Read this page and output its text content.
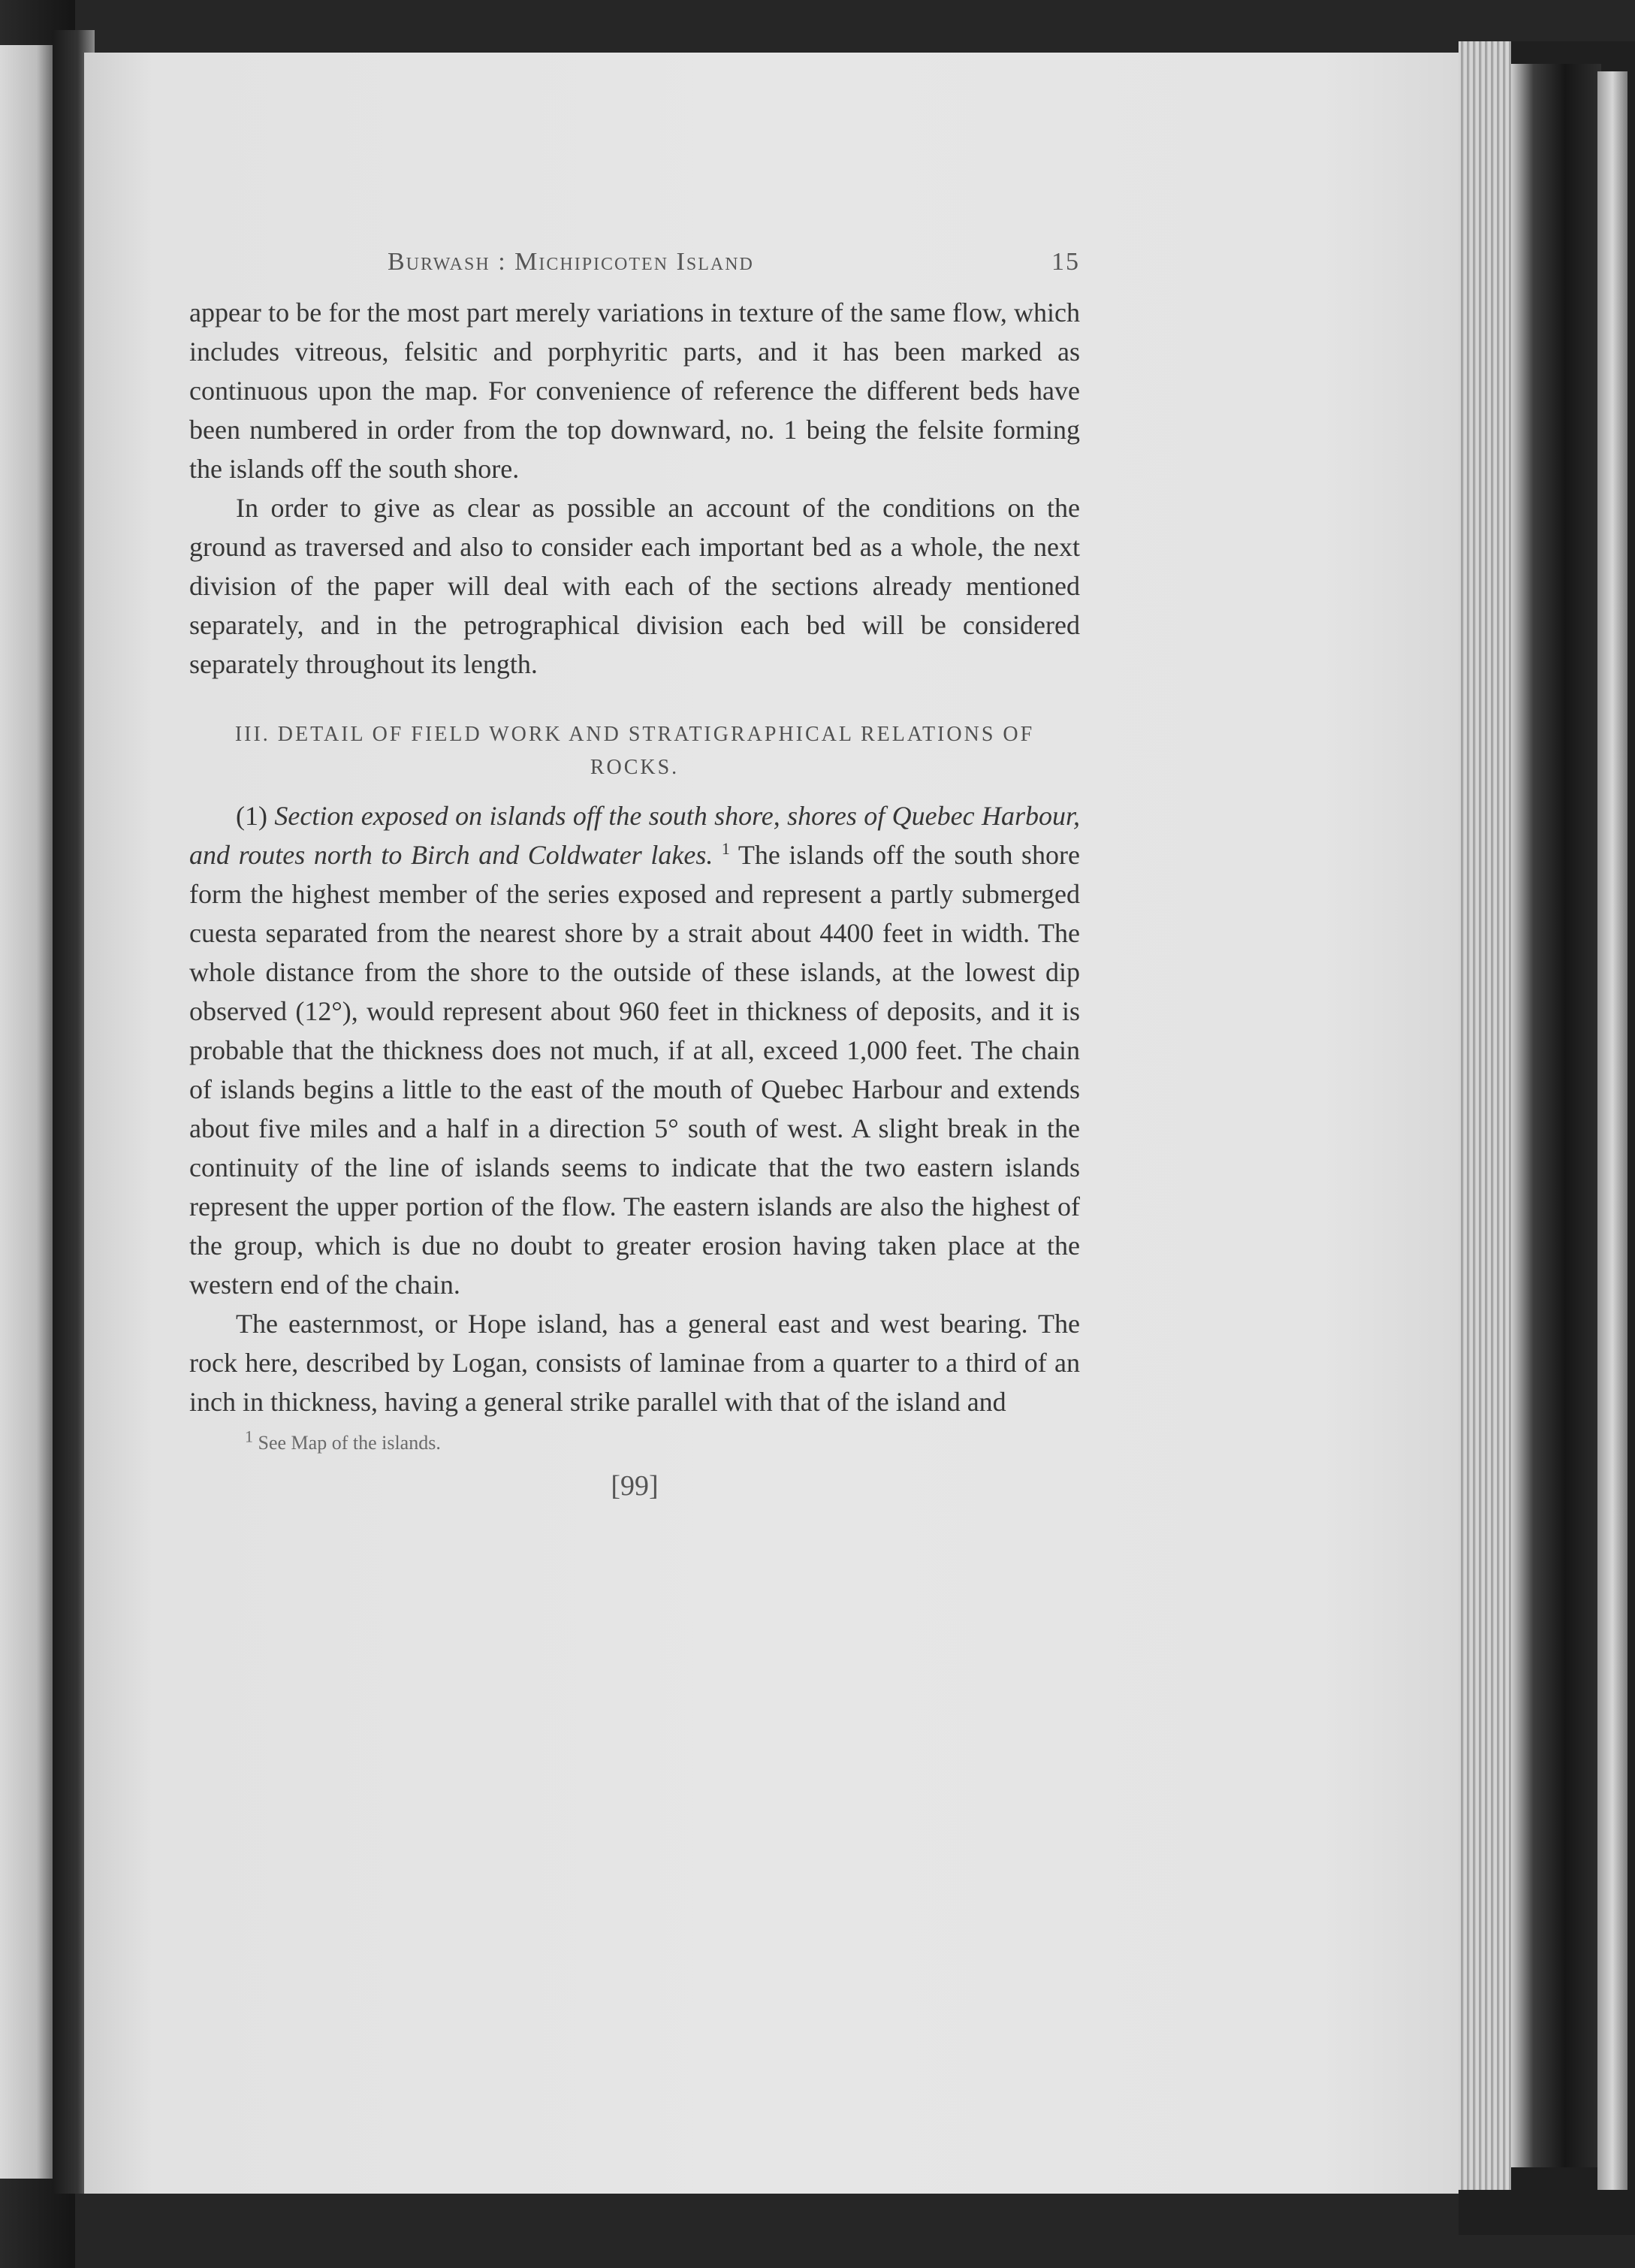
Burwash : Michipicoten Island	15

appear to be for the most part merely variations in texture of the same flow, which includes vitreous, felsitic and porphyritic parts, and it has been marked as continuous upon the map. For convenience of reference the different beds have been numbered in order from the top downward, no. 1 being the felsite forming the islands off the south shore.

In order to give as clear as possible an account of the conditions on the ground as traversed and also to consider each important bed as a whole, the next division of the paper will deal with each of the sections already mentioned separately, and in the petrographical division each bed will be considered separately throughout its length.

III. DETAIL OF FIELD WORK AND STRATIGRAPHICAL RELATIONS OF ROCKS.

(1) Section exposed on islands off the south shore, shores of Quebec Harbour, and routes north to Birch and Coldwater lakes. $^1$ The islands off the south shore form the highest member of the series exposed and represent a partly submerged cuesta separated from the nearest shore by a strait about 4400 feet in width. The whole distance from the shore to the outside of these islands, at the lowest dip observed (12°), would represent about 960 feet in thickness of deposits, and it is probable that the thickness does not much, if at all, exceed 1,000 feet. The chain of islands begins a little to the east of the mouth of Quebec Harbour and extends about five miles and a half in a direction 5° south of west. A slight break in the continuity of the line of islands seems to indicate that the two eastern islands represent the upper portion of the flow. The eastern islands are also the highest of the group, which is due no doubt to greater erosion having taken place at the western end of the chain.

The easternmost, or Hope island, has a general east and west bearing. The rock here, described by Logan, consists of laminae from a quarter to a third of an inch in thickness, having a general strike parallel with that of the island and

$^1$ See Map of the islands.
[99]
